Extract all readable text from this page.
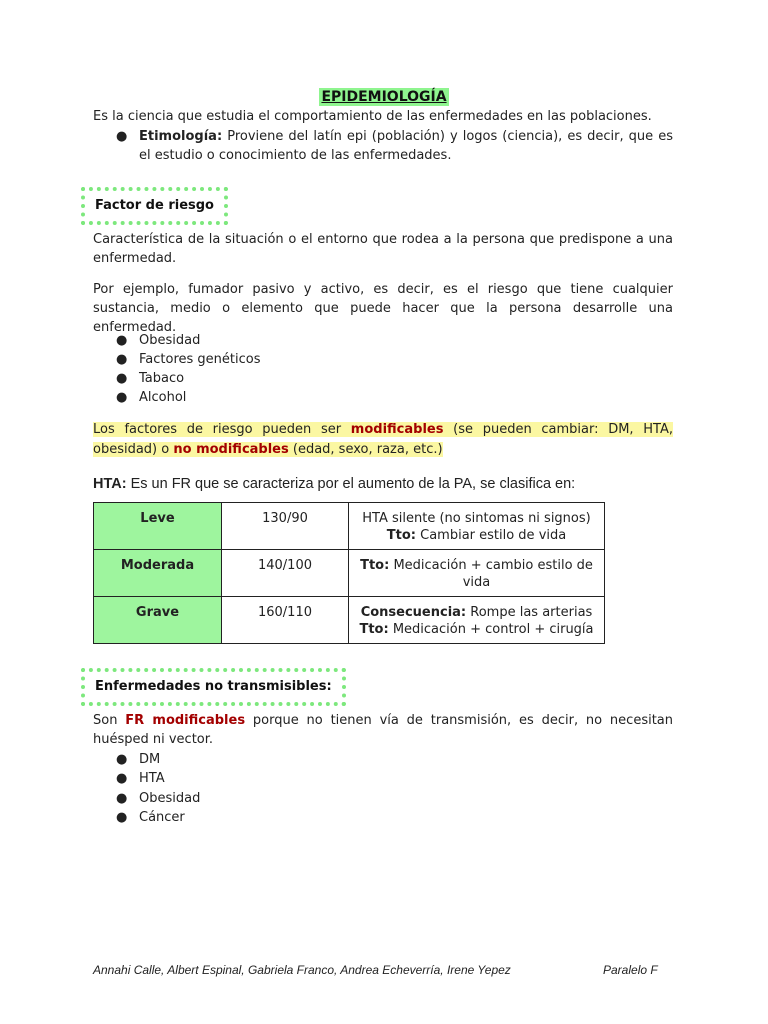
EPIDEMIOLOGÍA
Es la ciencia que estudia el comportamiento de las enfermedades en las poblaciones.
● Etimología: Proviene del latín epi (población) y logos (ciencia), es decir, que es el estudio o conocimiento de las enfermedades.
Factor de riesgo
Característica de la situación o el entorno que rodea a la persona que predispone a una enfermedad.
Por ejemplo, fumador pasivo y activo, es decir, es el riesgo que tiene cualquier sustancia, medio o elemento que puede hacer que la persona desarrolle una enfermedad.
● Obesidad
● Factores genéticos
● Tabaco
● Alcohol
Los factores de riesgo pueden ser modificables (se pueden cambiar: DM, HTA, obesidad) o no modificables (edad, sexo, raza, etc.)
HTA: Es un FR que se caracteriza por el aumento de la PA, se clasifica en:
Leve	130/90	HTA silente (no sintomas ni signos)
Tto: Cambiar estilo de vida

Moderada	140/100	Tto: Medicación + cambio estilo de vida

Grave	160/110	Consecuencia: Rompe las arterias
Tto: Medicación + control + cirugía
Enfermedades no transmisibles:
Son FR modificables porque no tienen vía de transmisión, es decir, no necesitan huésped ni vector.
● DM
● HTA
● Obesidad
● Cáncer
Annahi Calle, Albert Espinal, Gabriela Franco, Andrea Echeverría, Irene Yepez	Paralelo F
